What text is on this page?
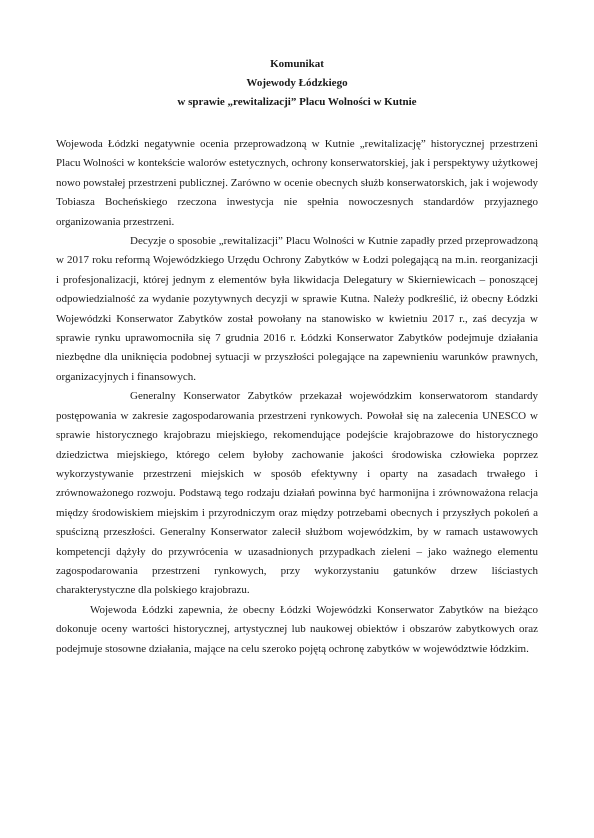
Komunikat
Wojewody Łódzkiego
w sprawie „rewitalizacji” Placu Wolności w Kutnie

Wojewoda Łódzki negatywnie ocenia przeprowadzoną w Kutnie „rewitalizację” historycznej przestrzeni Placu Wolności w kontekście walorów estetycznych, ochrony konserwatorskiej, jak i perspektywy użytkowej nowo powstałej przestrzeni publicznej. Zarówno w ocenie obecnych służb konserwatorskich, jak i wojewody Tobiasza Bocheńskiego rzeczona inwestycja nie spełnia nowoczesnych standardów przyjaznego organizowania przestrzeni.

Decyzje o sposobie „rewitalizacji” Placu Wolności w Kutnie zapadły przed przeprowadzoną w 2017 roku reformą Wojewódzkiego Urzędu Ochrony Zabytków w Łodzi polegającą na m.in. reorganizacji i profesjonalizacji, której jednym z elementów była likwidacja Delegatury w Skierniewicach – ponoszącej odpowiedzialność za wydanie pozytywnych decyzji w sprawie Kutna. Należy podkreślić, iż obecny Łódzki Wojewódzki Konserwator Zabytków został powołany na stanowisko w kwietniu 2017 r., zaś decyzja w sprawie rynku uprawomocniła się 7 grudnia 2016 r. Łódzki Konserwator Zabytków podejmuje działania niezbędne dla uniknięcia podobnej sytuacji w przyszłości polegające na zapewnieniu warunków prawnych, organizacyjnych i finansowych.

Generalny Konserwator Zabytków przekazał wojewódzkim konserwatorom standardy postępowania w zakresie zagospodarowania przestrzeni rynkowych. Powołał się na zalecenia UNESCO w sprawie historycznego krajobrazu miejskiego, rekomendujące podejście krajobrazowe do historycznego dziedzictwa miejskiego, którego celem byłoby zachowanie jakości środowiska człowieka poprzez wykorzystywanie przestrzeni miejskich w sposób efektywny i oparty na zasadach trwałego i zrównoważonego rozwoju. Podstawą tego rodzaju działań powinna być harmonijna i zrównoważona relacja między środowiskiem miejskim i przyrodniczym oraz między potrzebami obecnych i przyszłych pokoleń a spuścizną przeszłości. Generalny Konserwator zalecił służbom wojewódzkim, by w ramach ustawowych kompetencji dążyły do przywrócenia w uzasadnionych przypadkach zieleni – jako ważnego elementu zagospodarowania przestrzeni rynkowych, przy wykorzystaniu gatunków drzew liściastych charakterystyczne dla polskiego krajobrazu.

Wojewoda Łódzki zapewnia, że obecny Łódzki Wojewódzki Konserwator Zabytków na bieżąco dokonuje oceny wartości historycznej, artystycznej lub naukowej obiektów i obszarów zabytkowych oraz podejmuje stosowne działania, mające na celu szeroko pojętą ochronę zabytków w województwie łódzkim.
